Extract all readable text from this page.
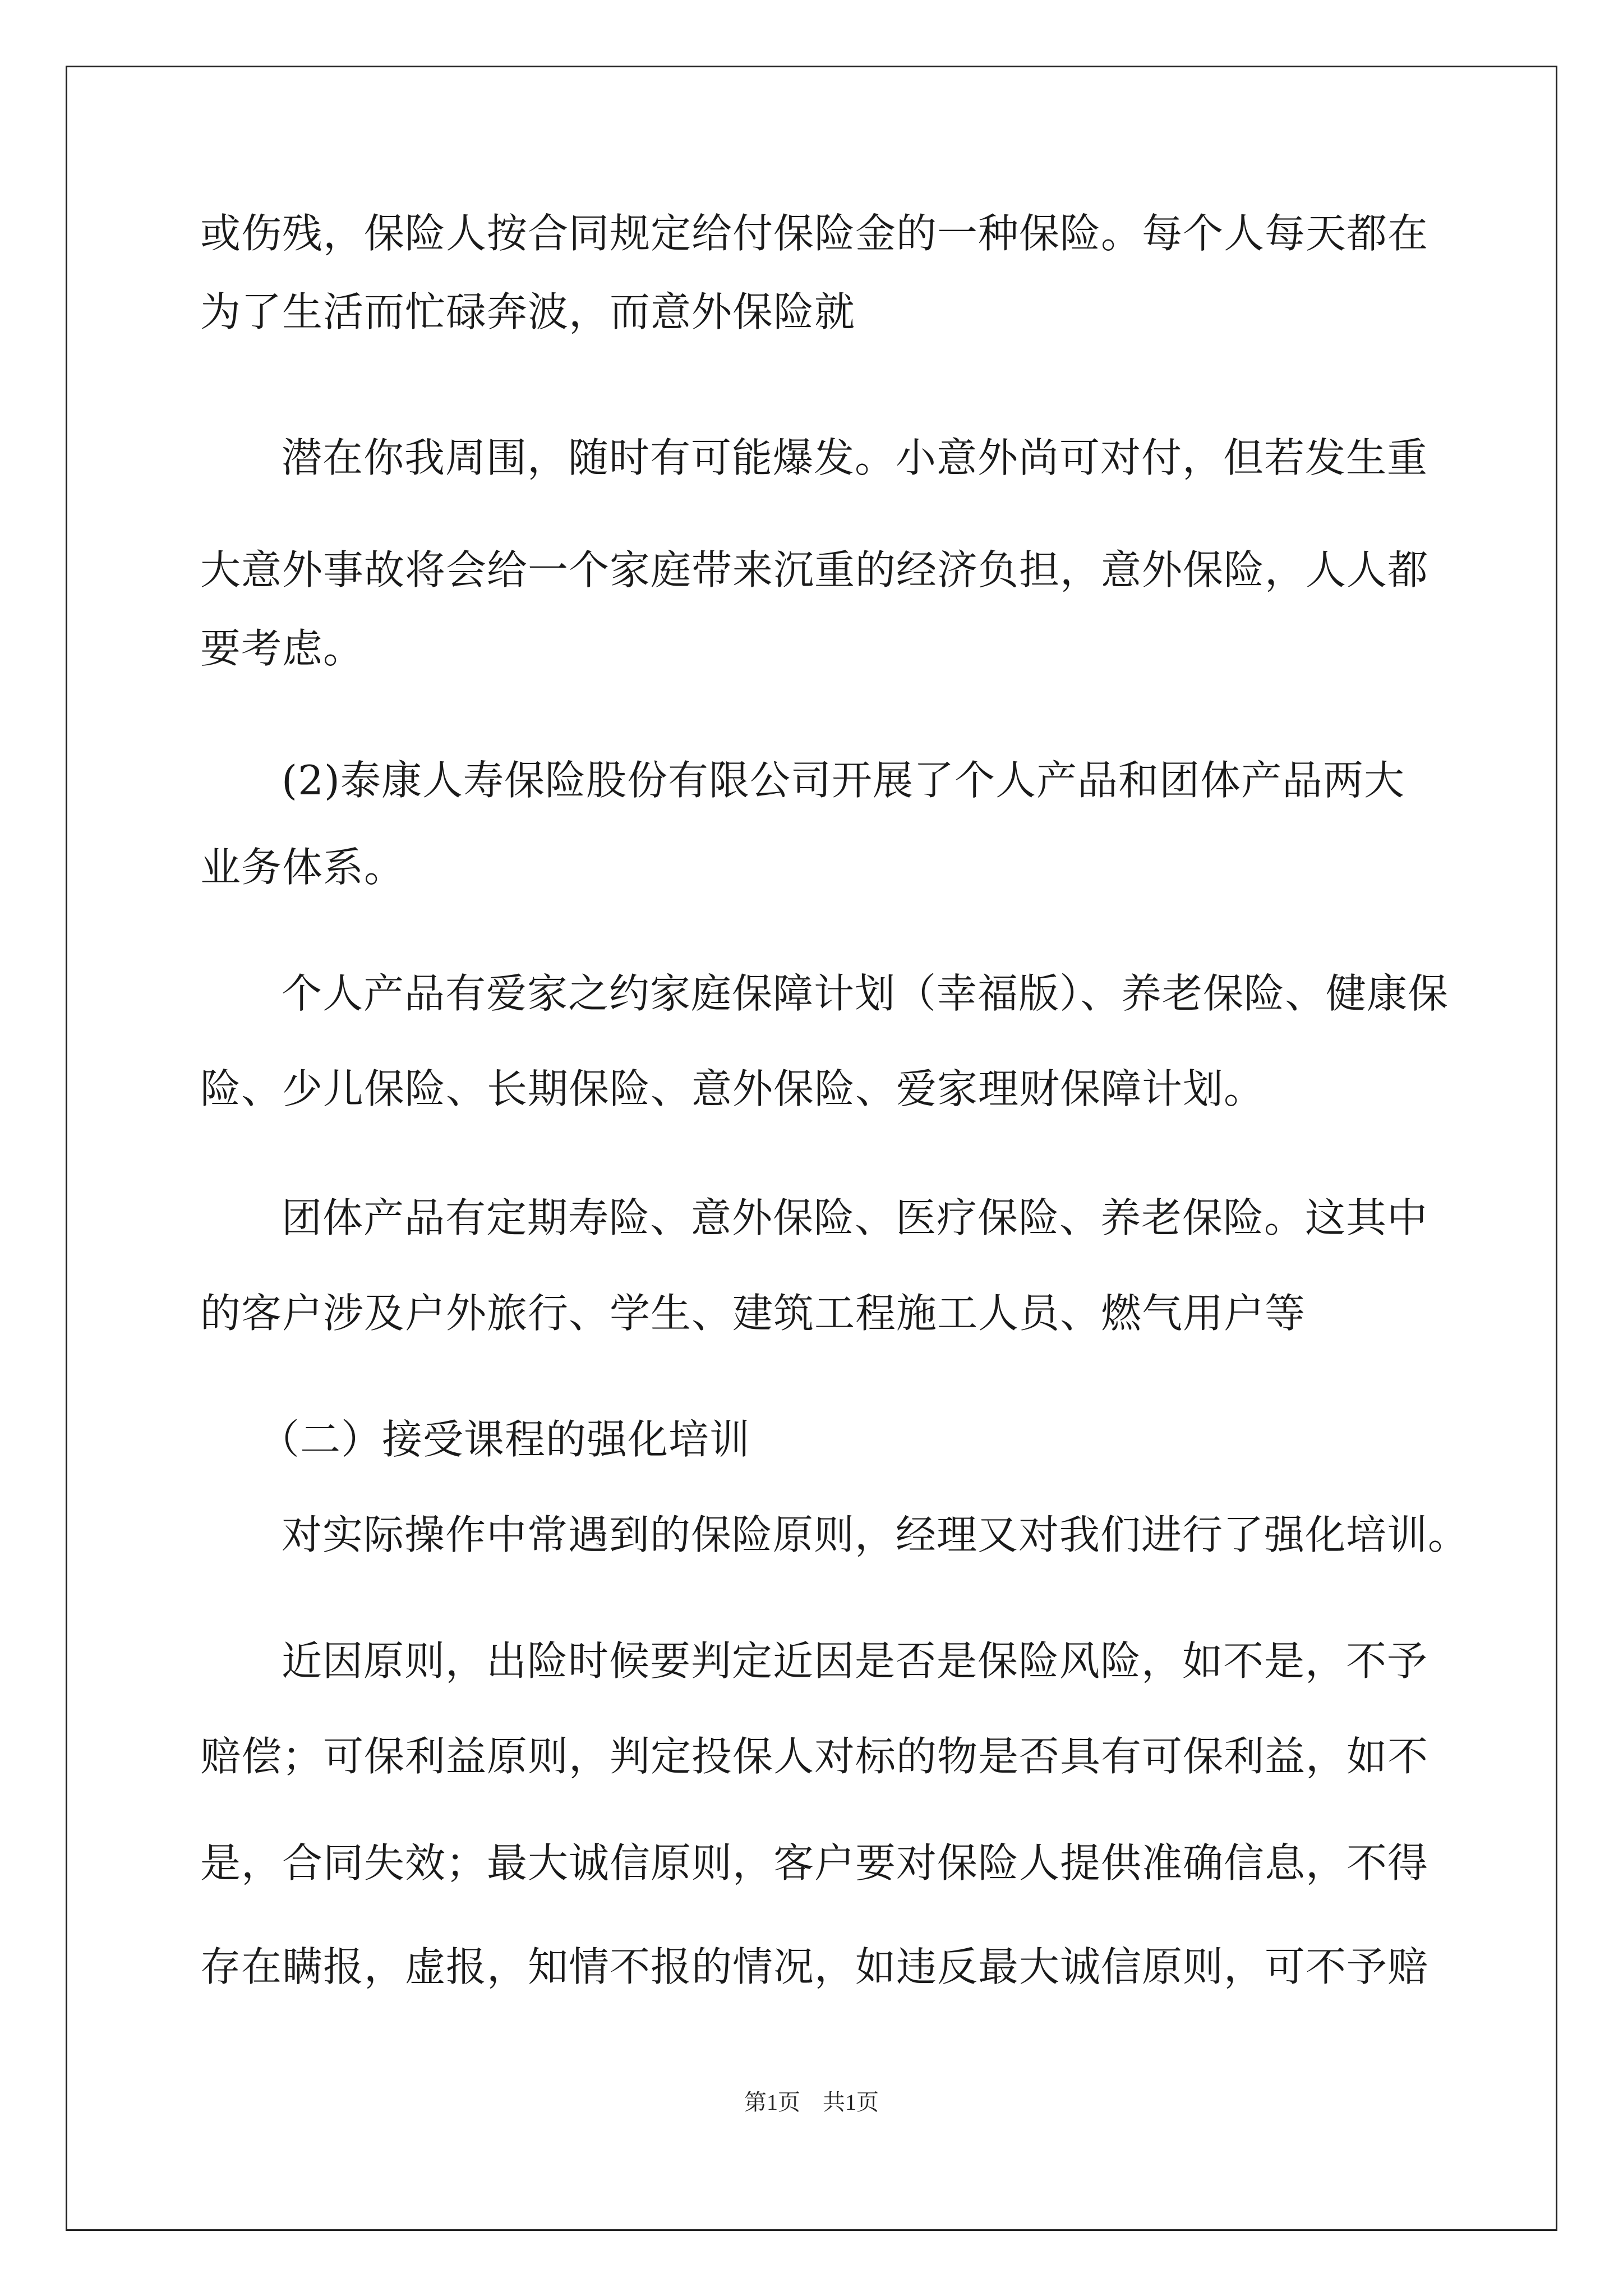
或伤残，保险人按合同规定给付保险金的一种保险。每个人每天都在
为了生活而忙碌奔波，而意外保险就
潜在你我周围，随时有可能爆发。小意外尚可对付，但若发生重
大意外事故将会给一个家庭带来沉重的经济负担，意外保险，人人都
要考虑。
(2)泰康人寿保险股份有限公司开展了个人产品和团体产品两大
业务体系。
个人产品有爱家之约家庭保障计划（幸福版）、养老保险、健康保
险、少儿保险、长期保险、意外保险、爱家理财保障计划。
团体产品有定期寿险、意外保险、医疗保险、养老保险。这其中
的客户涉及户外旅行、学生、建筑工程施工人员、燃气用户等
（二）接受课程的强化培训
对实际操作中常遇到的保险原则，经理又对我们进行了强化培训。
近因原则，出险时候要判定近因是否是保险风险，如不是，不予
赔偿；可保利益原则，判定投保人对标的物是否具有可保利益，如不
是，合同失效；最大诚信原则，客户要对保险人提供准确信息，不得
存在瞒报，虚报，知情不报的情况，如违反最大诚信原则，可不予赔
第1页　共1页
